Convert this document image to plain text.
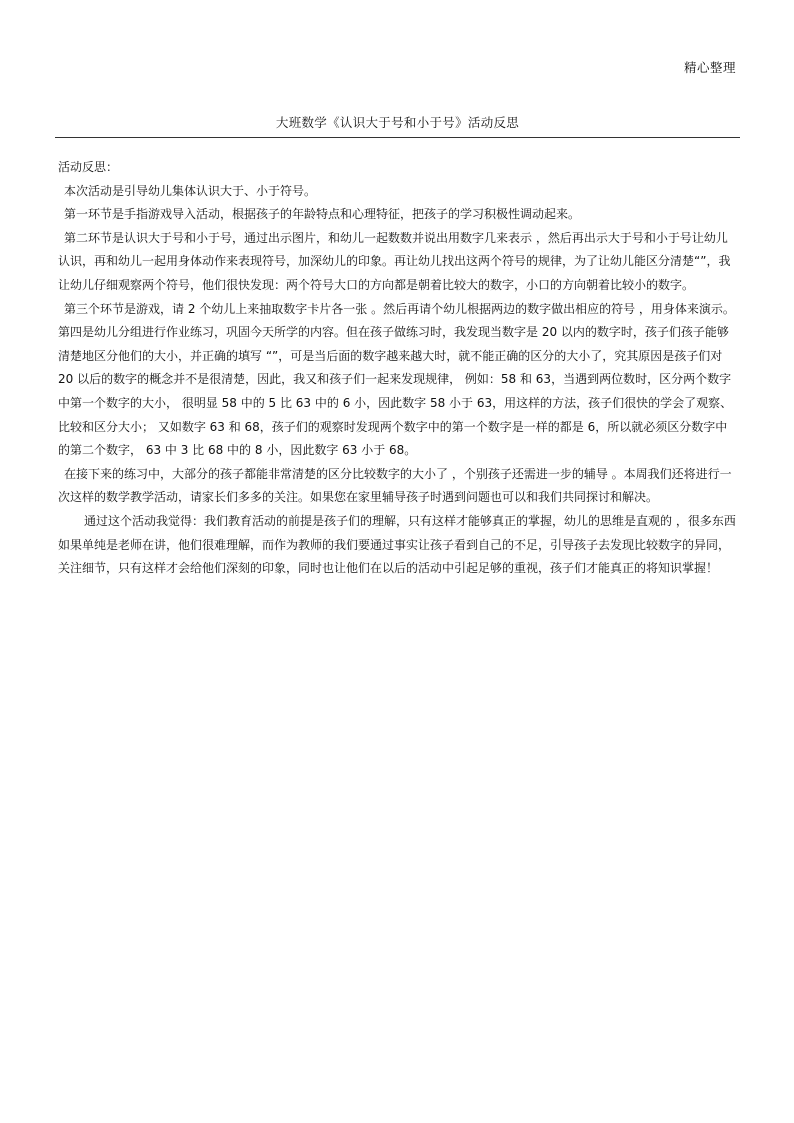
精心整理
大班数学《认识大于号和小于号》活动反思

活动反思：

本次活动是引导幼儿集体认识大于、小于符号。

第一环节是手指游戏导入活动，根据孩子的年龄特点和心理特征，把孩子的学习积极性调动起来。

第二环节是认识大于号和小于号，通过出示图片，和幼儿一起数数并说出用数字几来表示 ，然后再出示大于号和小于号让幼儿认识，再和幼儿一起用身体动作来表现符号，加深幼儿的印象。再让幼儿找出这两个符号的规律，为了让幼儿能区分清楚“”，我让幼儿仔细观察两个符号，他们很快发现：两个符号大口的方向都是朝着比较大的数字，小口的方向朝着比较小的数字。

第三个环节是游戏，请 2 个幼儿上来抽取数字卡片各一张 。然后再请个幼儿根据两边的数字做出相应的符号 ，用身体来演示。

第四是幼儿分组进行作业练习，巩固今天所学的内容。但在孩子做练习时，我发现当数字是 20 以内的数字时，孩子们孩子能够清楚地区分他们的大小，并正确的填写 “”，可是当后面的数字越来越大时，就不能正确的区分的大小了，究其原因是孩子们对 20 以后的数字的概念并不是很清楚，因此，我又和孩子们一起来发现规律， 例如：58 和 63，当遇到两位数时，区分两个数字中第一个数字的大小， 很明显 58 中的 5 比 63 中的 6 小，因此数字 58 小于 63，用这样的方法，孩子们很快的学会了观察、比较和区分大小； 又如数字 63 和 68，孩子们的观察时发现两个数字中的第一个数字是一样的都是 6，所以就必须区分数字中的第二个数字， 63 中 3 比 68 中的 8 小，因此数字 63 小于 68。

在接下来的练习中，大部分的孩子都能非常清楚的区分比较数字的大小了 ，个别孩子还需进一步的辅导 。本周我们还将进行一次这样的数学教学活动，请家长们多多的关注。如果您在家里辅导孩子时遇到问题也可以和我们共同探讨和解决。

通过这个活动我觉得：我们教育活动的前提是孩子们的理解，只有这样才能够真正的掌握，幼儿的思维是直观的 ，很多东西如果单纯是老师在讲，他们很难理解，而作为教师的我们要通过事实让孩子看到自己的不足，引导孩子去发现比较数字的异同，关注细节，只有这样才会给他们深刻的印象，同时也让他们在以后的活动中引起足够的重视，孩子们才能真正的将知识掌握！
